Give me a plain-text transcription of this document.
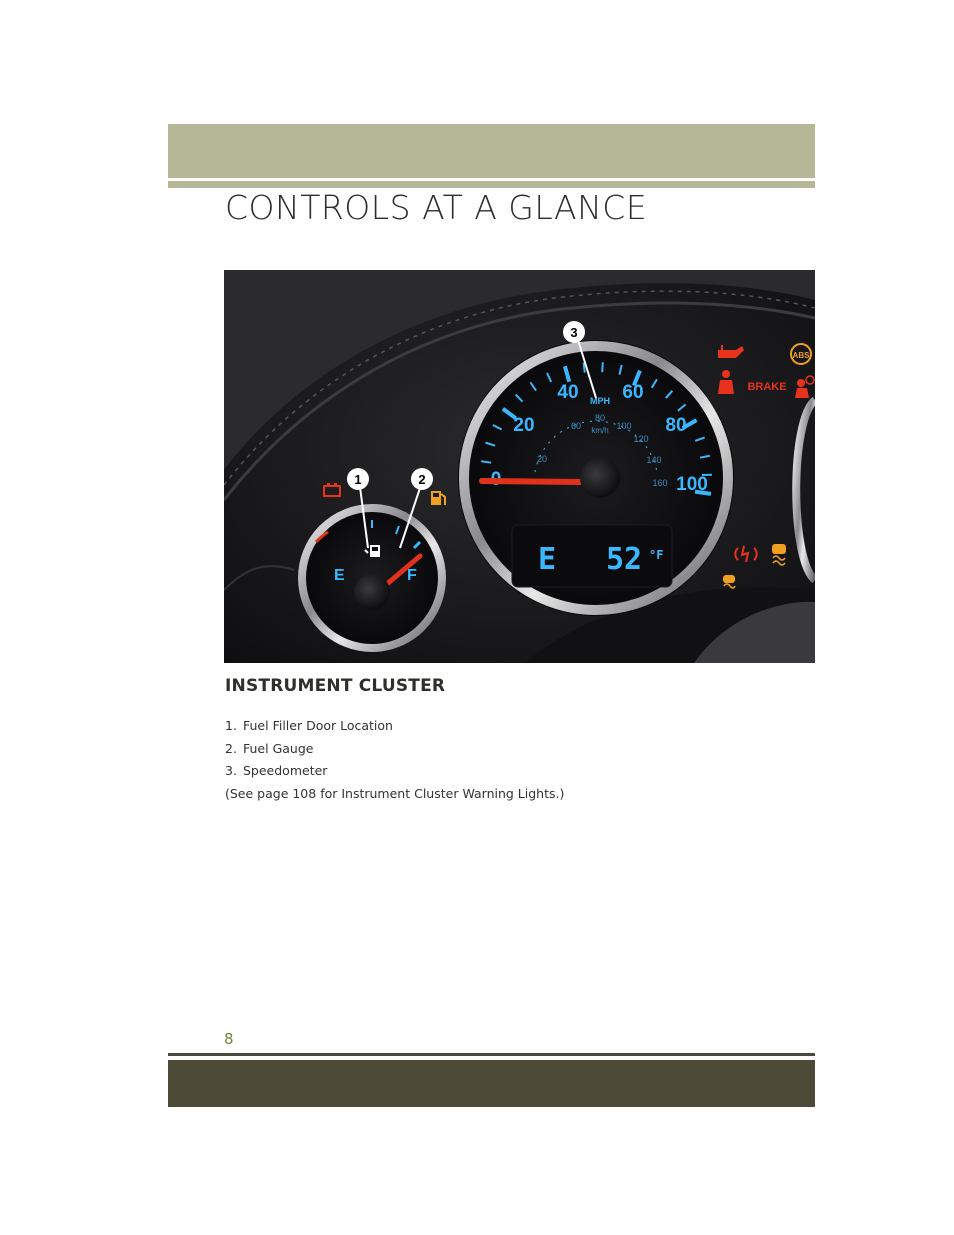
CONTROLS AT A GLANCE
E	F
20
40 60
80
100
MPH
20
60
80
100
120
140
160
km/h
E 52 °F
ABS
BRAKE
1	2
3
INSTRUMENT CLUSTER
1. Fuel Filler Door Location
2. Fuel Gauge
3. Speedometer
(See page 108 for Instrument Cluster Warning Lights.)
8
